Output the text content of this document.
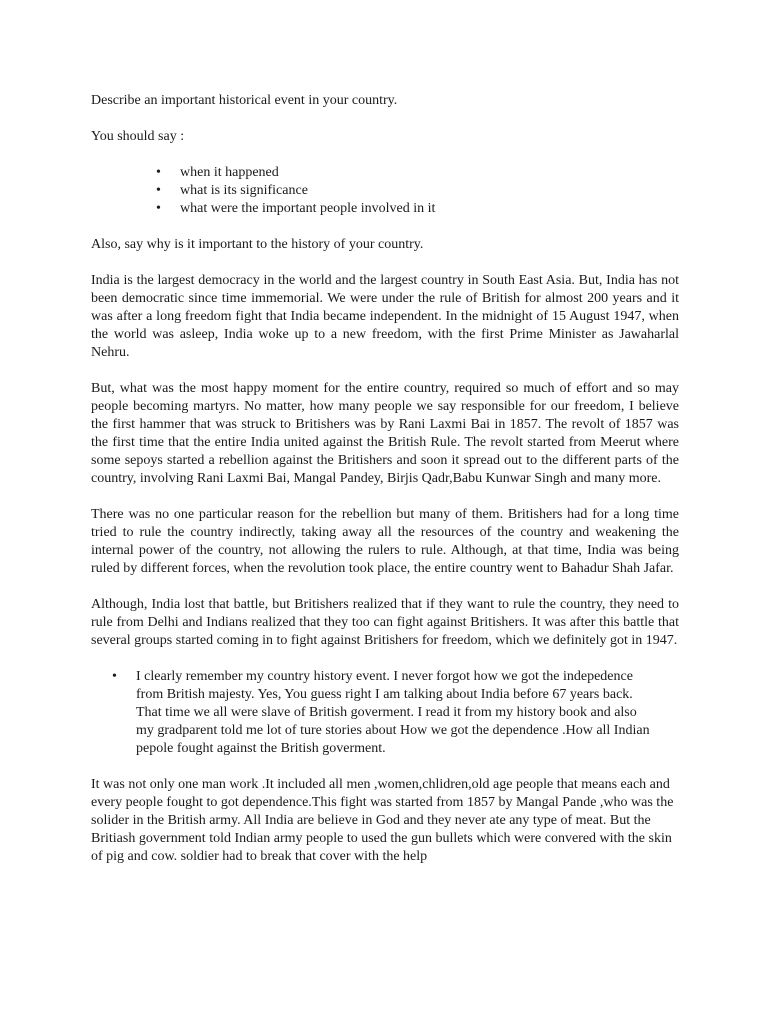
Describe an important historical event in your country.

You should say :

• when it happened
• what is its significance
• what were the important people involved in it

Also, say why is it important to the history of your country.

India is the largest democracy in the world and the largest country in South East Asia. But, India has not been democratic since time immemorial. We were under the rule of British for almost 200 years and it was after a long freedom fight that India became independent. In the midnight of 15 August 1947, when the world was asleep, India woke up to a new freedom, with the first Prime Minister as Jawaharlal Nehru.

But, what was the most happy moment for the entire country, required so much of effort and so may people becoming martyrs. No matter, how many people we say responsible for our freedom, I believe the first hammer that was struck to Britishers was by Rani Laxmi Bai in 1857. The revolt of 1857 was the first time that the entire India united against the British Rule. The revolt started from Meerut where some sepoys started a rebellion against the Britishers and soon it spread out to the different parts of the country, involving Rani Laxmi Bai, Mangal Pandey, Birjis Qadr,Babu Kunwar Singh and many more.

There was no one particular reason for the rebellion but many of them. Britishers had for a long time tried to rule the country indirectly, taking away all the resources of the country and weakening the internal power of the country, not allowing the rulers to rule. Although, at that time, India was being ruled by different forces, when the revolution took place, the entire country went to Bahadur Shah Jafar.

Although, India lost that battle, but Britishers realized that if they want to rule the country, they need to rule from Delhi and Indians realized that they too can fight against Britishers. It was after this battle that several groups started coming in to fight against Britishers for freedom, which we definitely got in 1947.

• I clearly remember my country history event. I never forgot how we got the indepedence from British majesty. Yes, You guess right I am talking about India before 67 years back. That time we all were slave of British goverment. I read it from my history book and also my gradparent told me lot of ture stories about How we got the dependence .How all Indian pepole fought against the British goverment.

It was not only one man work .It included all men ,women,chlidren,old age people that means each and every people fought to got dependence.This fight was started from 1857 by Mangal Pande ,who was the solider in the British army. All India are believe in God and they never ate any type of meat. But the Britiash government told Indian army people to used the gun bullets which were convered with the skin of pig and cow. soldier had to break that cover with the help
